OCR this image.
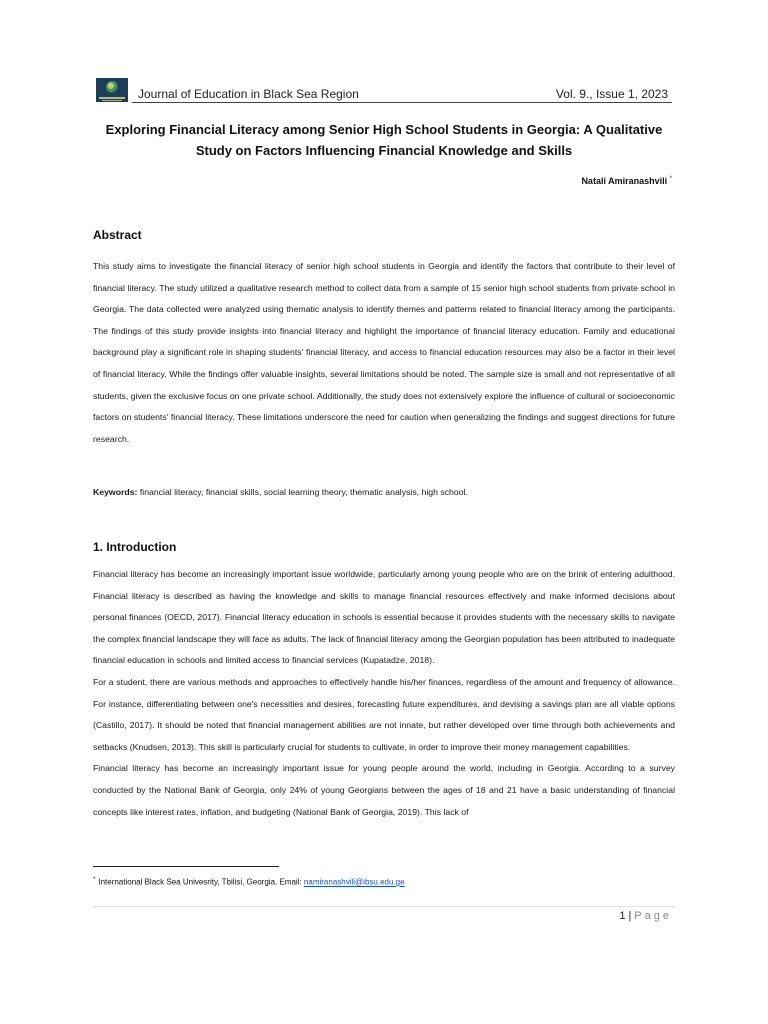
Journal of Education in Black Sea Region	Vol. 9., Issue 1, 2023
Exploring Financial Literacy among Senior High School Students in Georgia: A Qualitative Study on Factors Influencing Financial Knowledge and Skills
Natali Amiranashvili *
Abstract

This study aims to investigate the financial literacy of senior high school students in Georgia and identify the factors that contribute to their level of financial literacy. The study utilized a qualitative research method to collect data from a sample of 15 senior high school students from private school in Georgia. The data collected were analyzed using thematic analysis to identify themes and patterns related to financial literacy among the participants. The findings of this study provide insights into financial literacy and highlight the importance of financial literacy education. Family and educational background play a significant role in shaping students' financial literacy, and access to financial education resources may also be a factor in their level of financial literacy. While the findings offer valuable insights, several limitations should be noted. The sample size is small and not representative of all students, given the exclusive focus on one private school. Additionally, the study does not extensively explore the influence of cultural or socioeconomic factors on students' financial literacy. These limitations underscore the need for caution when generalizing the findings and suggest directions for future research.

Keywords: financial literacy, financial skills, social learning theory, thematic analysis, high school.
1. Introduction

Financial literacy has become an increasingly important issue worldwide, particularly among young people who are on the brink of entering adulthood. Financial literacy is described as having the knowledge and skills to manage financial resources effectively and make informed decisions about personal finances (OECD, 2017). Financial literacy education in schools is essential because it provides students with the necessary skills to navigate the complex financial landscape they will face as adults. The lack of financial literacy among the Georgian population has been attributed to inadequate financial education in schools and limited access to financial services (Kupatadze, 2018).

For a student, there are various methods and approaches to effectively handle his/her finances, regardless of the amount and frequency of allowance. For instance, differentiating between one's necessities and desires, forecasting future expenditures, and devising a savings plan are all viable options (Castillo, 2017). It should be noted that financial management abilities are not innate, but rather developed over time through both achievements and setbacks (Knudsen, 2013). This skill is particularly crucial for students to cultivate, in order to improve their money management capabilities.

Financial literacy has become an increasingly important issue for young people around the world, including in Georgia. According to a survey conducted by the National Bank of Georgia, only 24% of young Georgians between the ages of 18 and 21 have a basic understanding of financial concepts like interest rates, inflation, and budgeting (National Bank of Georgia, 2019). This lack of

* International Black Sea Univesrity, Tbilisi, Georgia. Email: namiranashvili@ibsu.edu.ge
1 | Page
